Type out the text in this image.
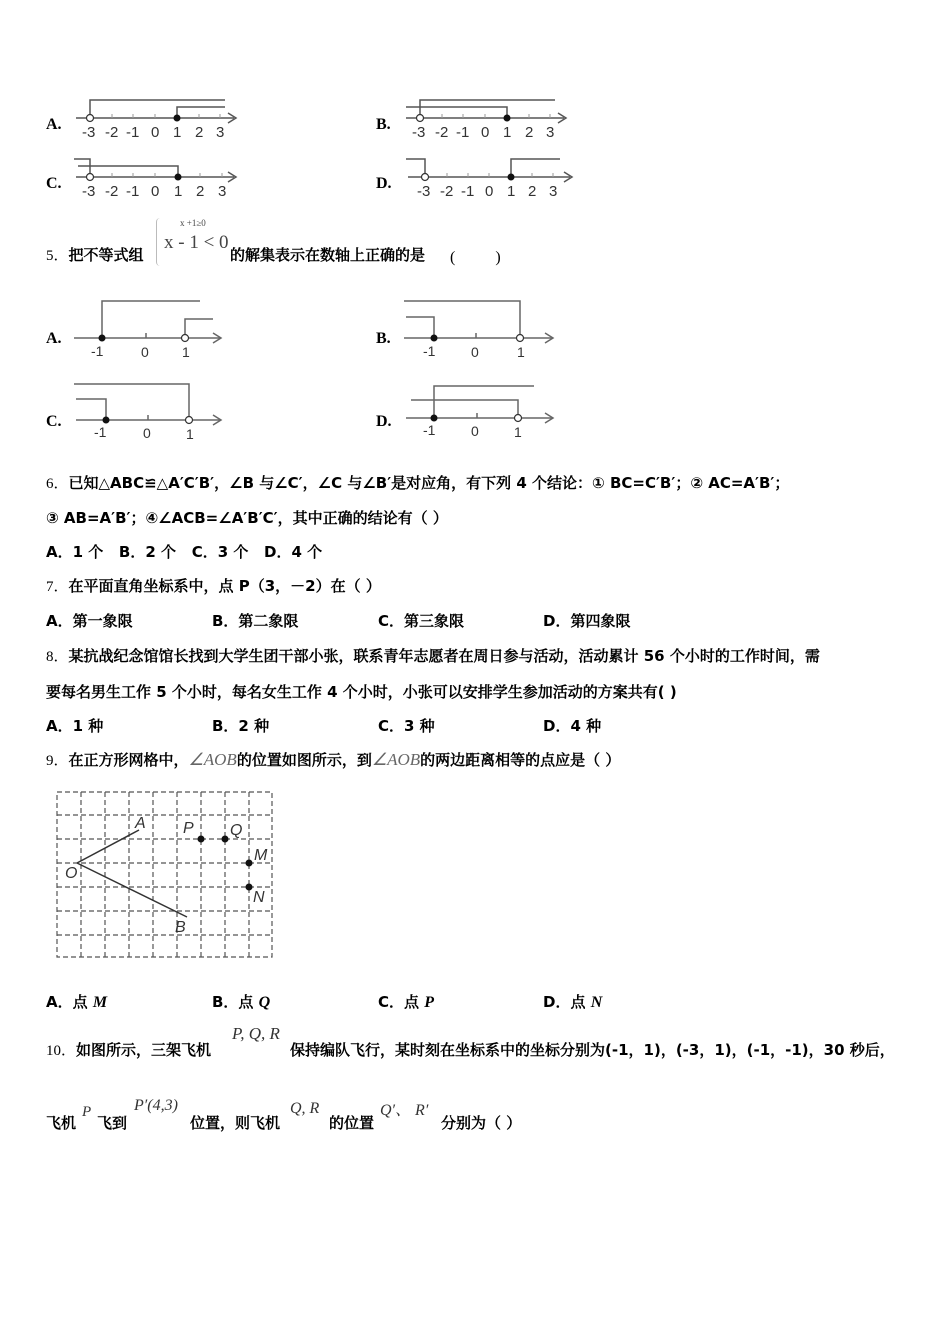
A. -3 -2 -1 0 1 2 3	B. -3 -2 -1 0 1 2 3
C. -3 -2 -1 0 1 2 3	D. -3 -2 -1 0 1 2 3
5．把不等式组
x +1≥0
x - 1 < 0
的解集表示在数轴上正确的是 (          )
A.
-1	0 1
B.
-1	0	1
C.
-1	0	1
D. -1	0	1
6．已知△ABC≌△A′C′B′，∠B 与∠C′，∠C 与∠B′是对应角，有下列 4 个结论：① BC=C′B′；② AC=A′B′；
③ AB=A′B′；④∠ACB=∠A′B′C′，其中正确的结论有（ ）
A．1 个   B．2 个   C．3 个   D．4 个
7．在平面直角坐标系中，点 P（3，－2）在（ ）
A．第一象限	B．第二象限	C．第三象限	D．第四象限
8．某抗战纪念馆馆长找到大学生团干部小张，联系青年志愿者在周日参与活动，活动累计 56 个小时的工作时间，需
要每名男生工作 5 个小时，每名女生工作 4 个小时，小张可以安排学生参加活动的方案共有( )
A．1 种	B．2 种	C．3 种	D．4 种
9．在正方形网格中，∠AOB的位置如图所示，到∠AOB的两边距离相等的点应是（ ）
O
A
B
P Q
M
N
A．点 M	B．点 Q	C．点 P	D．点 N
10．如图所示，三架飞机
P, Q, R
保持编队飞行，某时刻在坐标系中的坐标分别为(-1，1)，(-3，1)，(-1，-1)，30 秒后，
飞机
P
飞到
P′(4,3)
位置，则飞机
Q, R
的位置
Q′、 R′
分别为（ ）
